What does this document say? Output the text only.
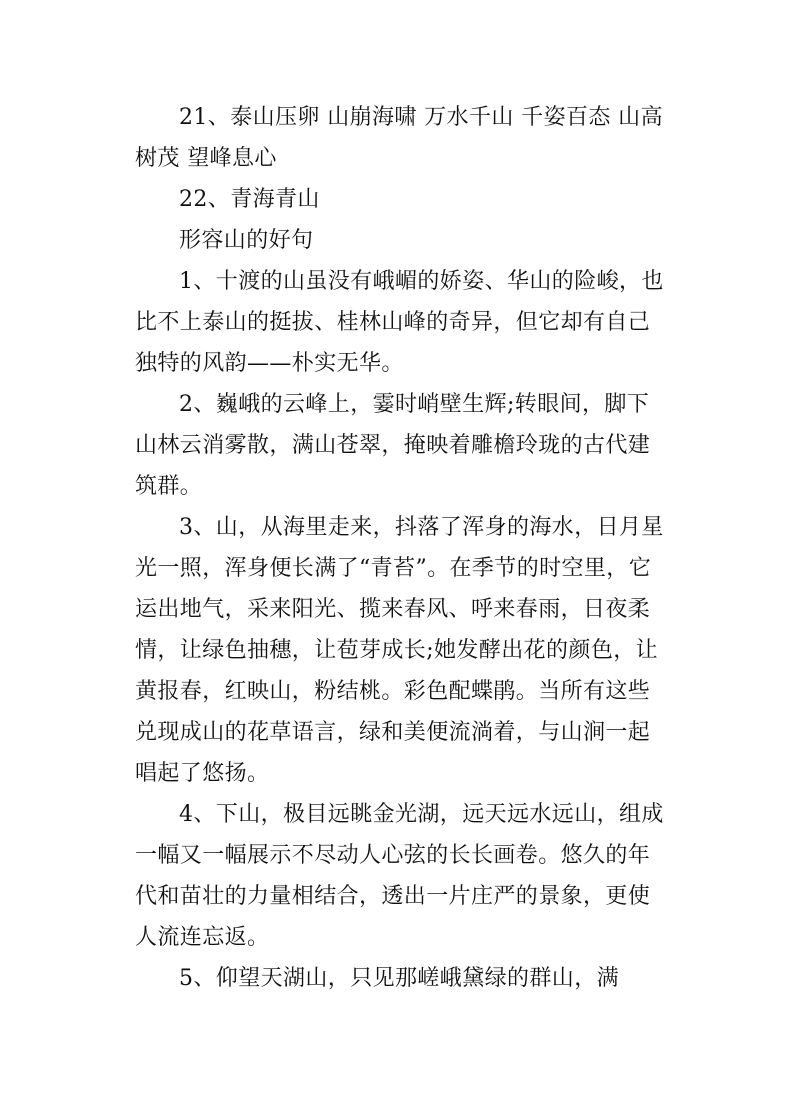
21、泰山压卵 山崩海啸 万水千山 千姿百态 山高树茂 望峰息心

22、青海青山

形容山的好句

1、十渡的山虽没有峨嵋的娇姿、华山的险峻，也比不上泰山的挺拔、桂林山峰的奇异，但它却有自己独特的风韵——朴实无华。

2、巍峨的云峰上，霎时峭壁生辉;转眼间，脚下山林云消雾散，满山苍翠，掩映着雕檐玲珑的古代建筑群。

3、山，从海里走来，抖落了浑身的海水，日月星光一照，浑身便长满了“青苔”。在季节的时空里，它运出地气，采来阳光、揽来春风、呼来春雨，日夜柔情，让绿色抽穗，让苞芽成长;她发酵出花的颜色，让黄报春，红映山，粉结桃。彩色配蝶鹃。当所有这些兑现成山的花草语言，绿和美便流淌着，与山涧一起唱起了悠扬。

4、下山，极目远眺金光湖，远天远水远山，组成一幅又一幅展示不尽动人心弦的长长画卷。悠久的年代和苗壮的力量相结合，透出一片庄严的景象，更使人流连忘返。

5、仰望天湖山，只见那嵯峨黛绿的群山，满
